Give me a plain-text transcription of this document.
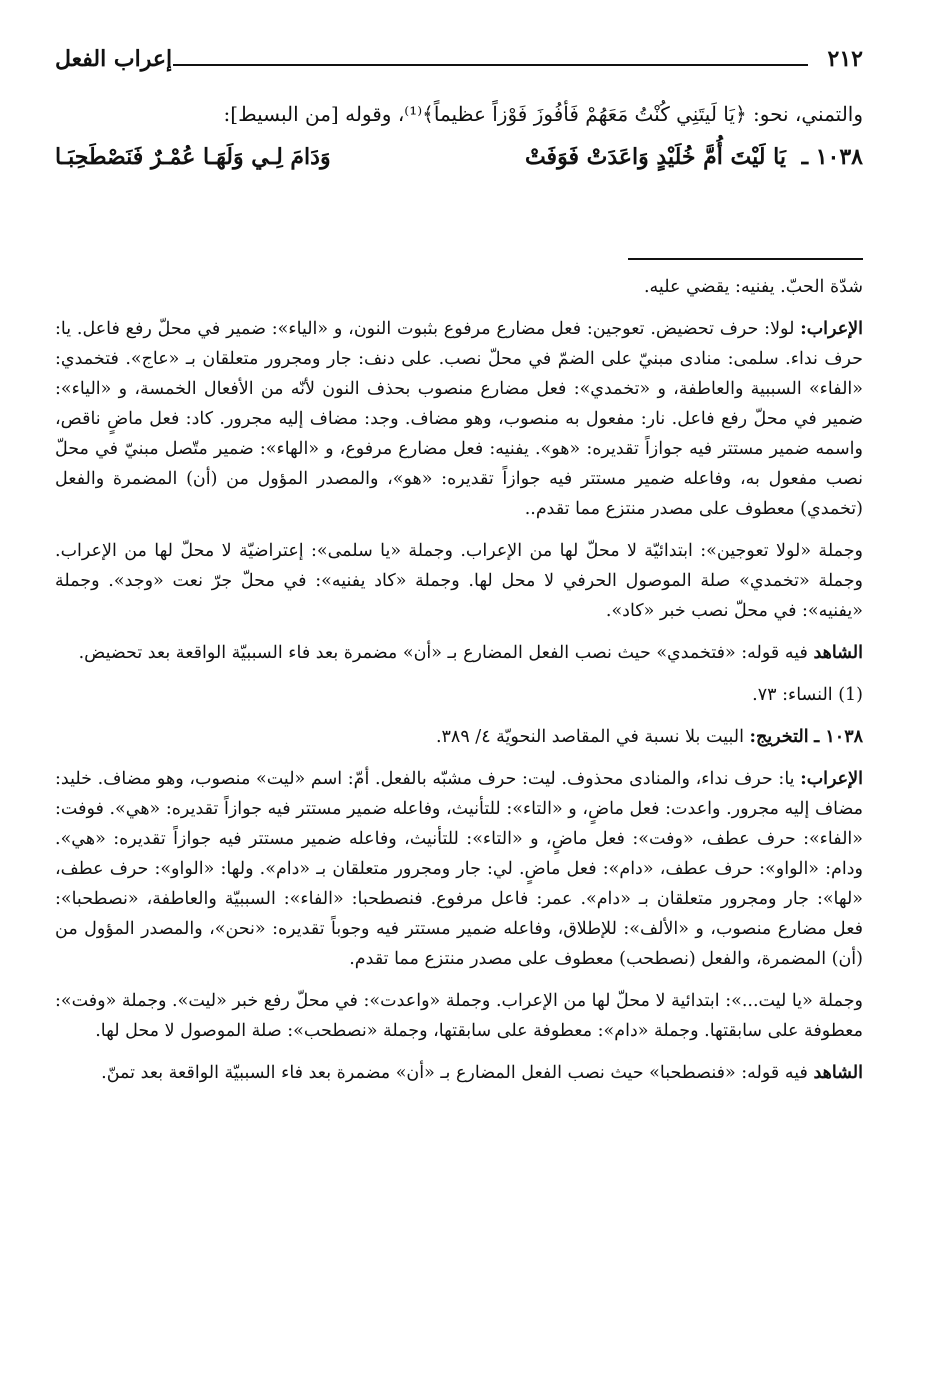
٢١٢
إعراب الفعل

والتمني، نحو: ﴿يَا لَيتَنِي كُنْتُ مَعَهُمْ فَأفُوزَ فَوْزاً عظيماً﴾⁽¹⁾، وقوله [من البسيط]:

١٠٣٨ ـ يَا لَيْتَ أُمَّ خُلَيْدٍ وَاعَدَتْ فَوَفَتْ
وَدَامَ لِـي وَلَهَـا عُمْـرٌ فَنَصْطَحِبَـا

شدّة الحبّ. يفنيه: يقضي عليه.

الإعراب: لولا: حرف تحضيض. تعوجين: فعل مضارع مرفوع بثبوت النون، و «الياء»: ضمير في محلّ رفع فاعل. يا: حرف نداء. سلمى: منادى مبنيّ على الضمّ في محلّ نصب. على دنف: جار ومجرور متعلقان بـ «عاج». فتخمدي: «الفاء» السببية والعاطفة، و «تخمدي»: فعل مضارع منصوب بحذف النون لأنّه من الأفعال الخمسة، و «الياء»: ضمير في محلّ رفع فاعل. نار: مفعول به منصوب، وهو مضاف. وجد: مضاف إليه مجرور. كاد: فعل ماضٍ ناقص، واسمه ضمير مستتر فيه جوازاً تقديره: «هو». يفنيه: فعل مضارع مرفوع، و «الهاء»: ضمير متّصل مبنيّ في محلّ نصب مفعول به، وفاعله ضمير مستتر فيه جوازاً تقديره: «هو»، والمصدر المؤول من (أن) المضمرة والفعل (تخمدي) معطوف على مصدر منتزع مما تقدم..

وجملة «لولا تعوجين»: ابتدائيّة لا محلّ لها من الإعراب. وجملة «يا سلمى»: إعتراضيّة لا محلّ لها من الإعراب. وجملة «تخمدي» صلة الموصول الحرفي لا محل لها. وجملة «كاد يفنيه»: في محلّ جرّ نعت «وجد». وجملة «يفنيه»: في محلّ نصب خبر «كاد».

الشاهد فيه قوله: «فتخمدي» حيث نصب الفعل المضارع بـ «أن» مضمرة بعد فاء السببيّة الواقعة بعد تحضيض.

(1) النساء: ٧٣.

١٠٣٨ ـ التخريج: البيت بلا نسبة في المقاصد النحويّة ٤/ ٣٨٩.

الإعراب: يا: حرف نداء، والمنادى محذوف. ليت: حرف مشبّه بالفعل. أمّ: اسم «ليت» منصوب، وهو مضاف. خليد: مضاف إليه مجرور. واعدت: فعل ماضٍ، و «التاء»: للتأنيث، وفاعله ضمير مستتر فيه جوازاً تقديره: «هي». فوفت: «الفاء»: حرف عطف، «وفت»: فعل ماضٍ، و «التاء»: للتأنيث، وفاعله ضمير مستتر فيه جوازاً تقديره: «هي». ودام: «الواو»: حرف عطف، «دام»: فعل ماضٍ. لي: جار ومجرور متعلقان بـ «دام». ولها: «الواو»: حرف عطف، «لها»: جار ومجرور متعلقان بـ «دام». عمر: فاعل مرفوع. فنصطحبا: «الفاء»: السببيّة والعاطفة، «نصطحبا»: فعل مضارع منصوب، و «الألف»: للإطلاق، وفاعله ضمير مستتر فيه وجوباً تقديره: «نحن»، والمصدر المؤول من (أن) المضمرة، والفعل (نصطحب) معطوف على مصدر منتزع مما تقدم.

وجملة «يا ليت...»: ابتدائية لا محلّ لها من الإعراب. وجملة «واعدت»: في محلّ رفع خبر «ليت». وجملة «وفت»: معطوفة على سابقتها. وجملة «دام»: معطوفة على سابقتها، وجملة «نصطحب»: صلة الموصول لا محل لها.

الشاهد فيه قوله: «فنصطحبا» حيث نصب الفعل المضارع بـ «أن» مضمرة بعد فاء السببيّة الواقعة بعد تمنّ.
